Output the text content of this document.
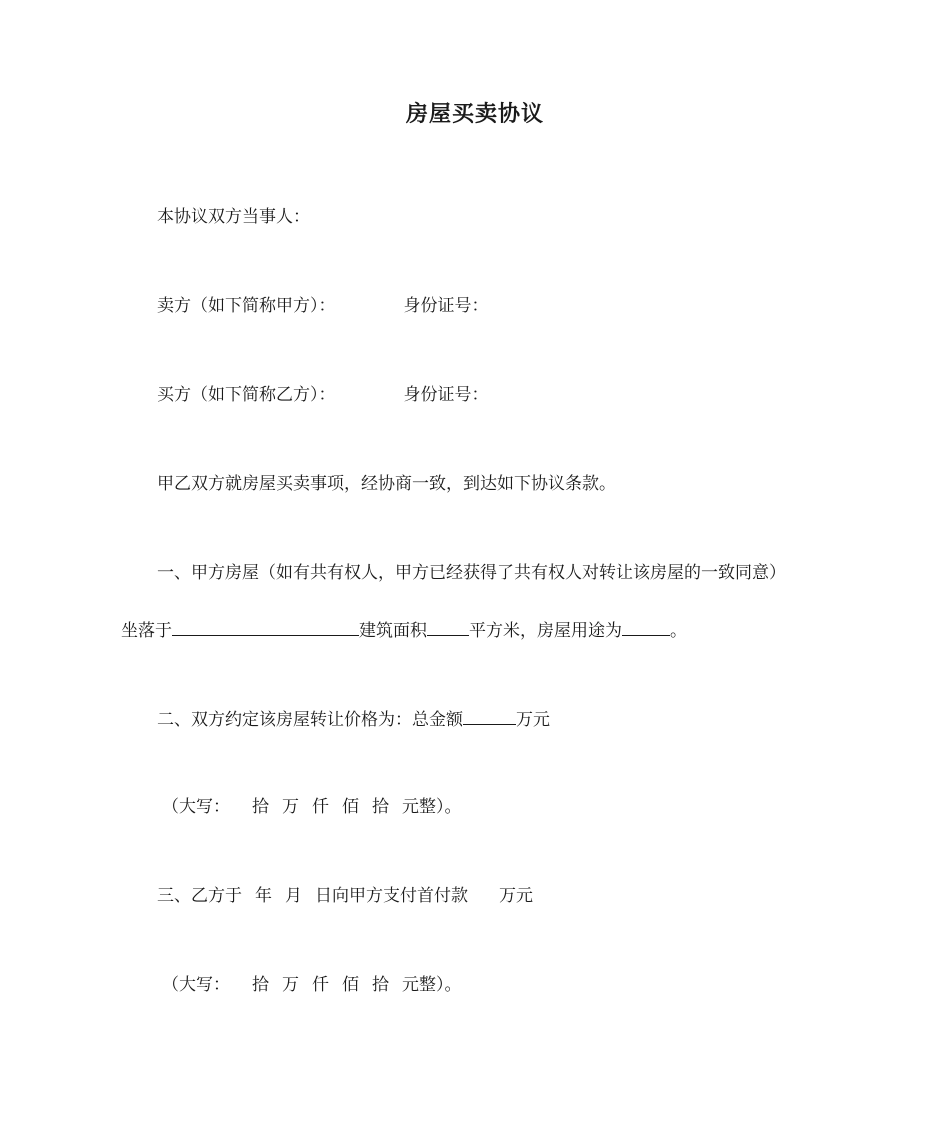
房屋买卖协议
本协议双方当事人：
卖方（如下简称甲方）：	身份证号：
买方（如下简称乙方）：	身份证号：
甲乙双方就房屋买卖事项，经协商一致，到达如下协议条款。
一、甲方房屋（如有共有权人，甲方已经获得了共有权人对转让该房屋的一致同意）
坐落于	建筑面积 平方米，房屋用途为	。
二、双方约定该房屋转让价格为：总金额	万元
（大写： 拾 万 仟 佰 拾 元整）。
三、乙方于 年 月 日向甲方支付首付款 万元
（大写： 拾 万 仟 佰 拾 元整）。
